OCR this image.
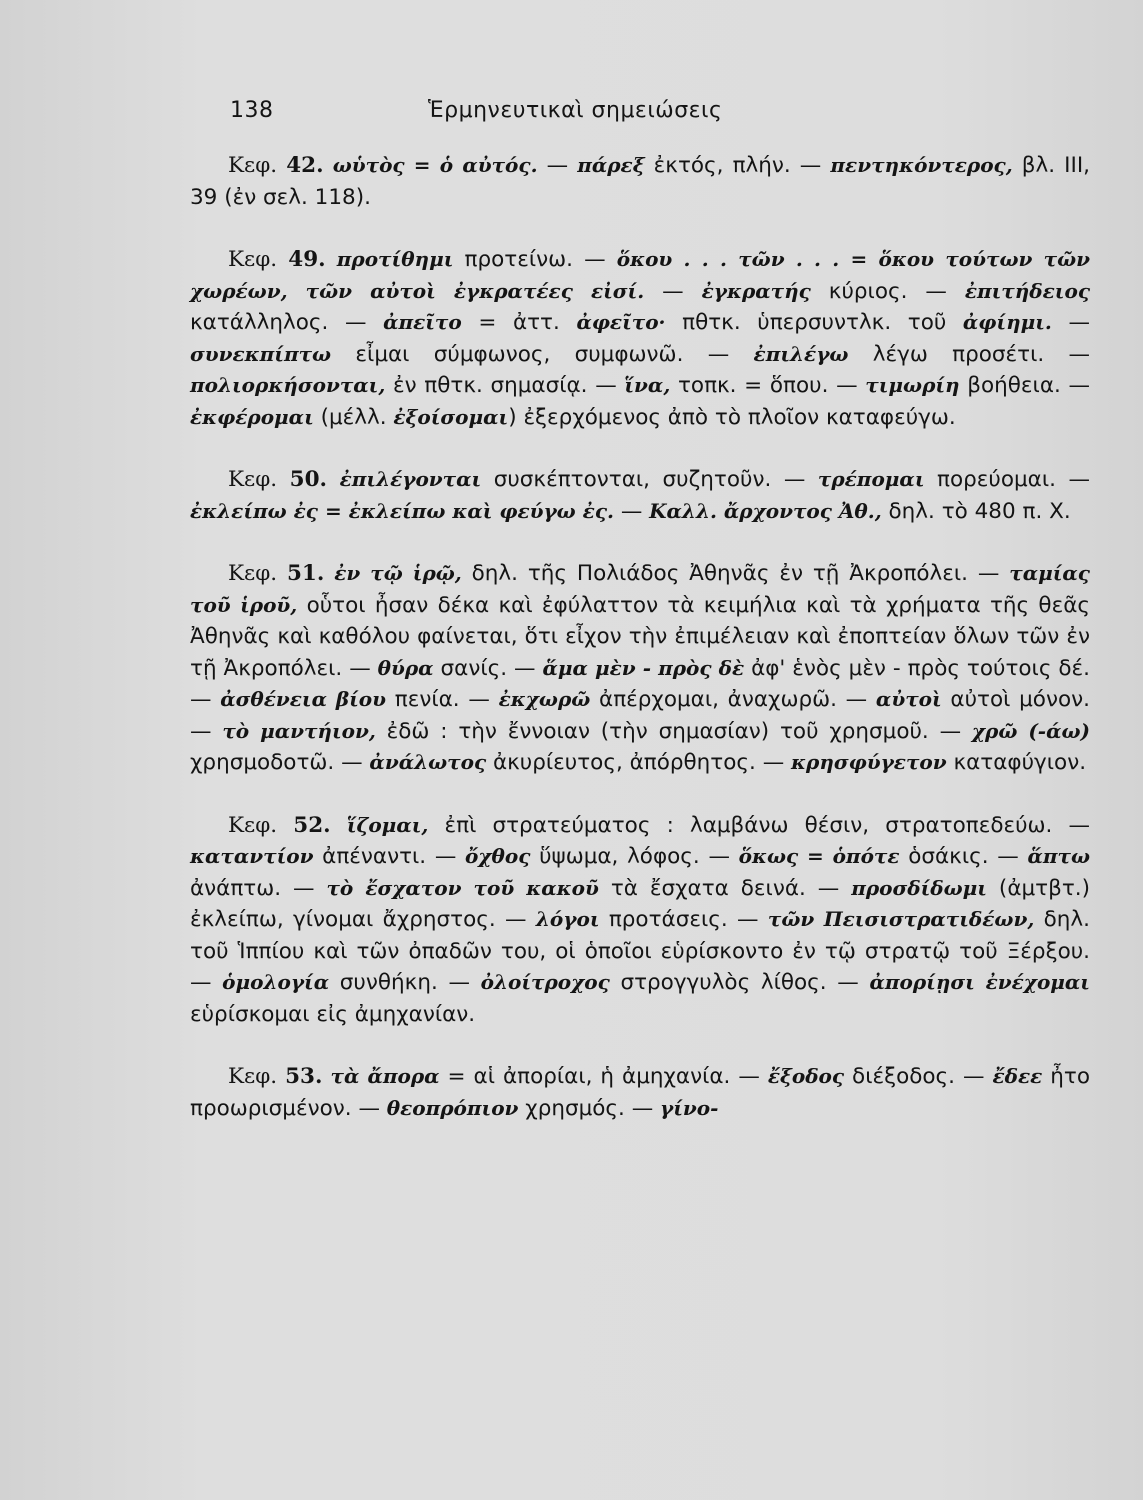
138	Ἑρμηνευτικαὶ σημειώσεις

Κεφ. 42. ωὑτὸς = ὁ αὐτός. — πάρεξ ἐκτός, πλήν. — πεντηκόντερος, βλ. III, 39 (ἐν σελ. 118).

Κεφ. 49. προτίθημι προτείνω. — ὅκου . . . τῶν . . . = ὅκου τούτων τῶν χωρέων, τῶν αὐτοὶ ἐγκρατέες εἰσί. — ἐγκρατής κύριος. — ἐπιτήδειος κατάλληλος. — ἀπεῖτο = ἀττ. ἀφεῖτο· πθτκ. ὑπερσυντλκ. τοῦ ἀφίημι. — συνεκπίπτω εἶμαι σύμφωνος, συμφωνῶ. — ἐπιλέγω λέγω προσέτι. — πολιορκήσονται, ἐν πθτκ. σημασίᾳ. — ἵνα, τοπκ. = ὅπου. — τιμωρίη βοήθεια. — ἐκφέρομαι (μέλλ. ἐξοίσομαι) ἐξερχόμενος ἀπὸ τὸ πλοῖον καταφεύγω.

Κεφ. 50. ἐπιλέγονται συσκέπτονται, συζητοῦν. — τρέπομαι πορεύομαι. — ἐκλείπω ἐς = ἐκλείπω καὶ φεύγω ἐς. — Καλλ. ἄρχοντος Ἀθ., δηλ. τὸ 480 π. Χ.

Κεφ. 51. ἐν τῷ ἱρῷ, δηλ. τῆς Πολιάδος Ἀθηνᾶς ἐν τῇ Ἀκροπόλει. — ταμίας τοῦ ἱροῦ, οὗτοι ἦσαν δέκα καὶ ἐφύλαττον τὰ κειμήλια καὶ τὰ χρήματα τῆς θεᾶς Ἀθηνᾶς καὶ καθόλου φαίνεται, ὅτι εἶχον τὴν ἐπιμέλειαν καὶ ἐποπτείαν ὅλων τῶν ἐν τῇ Ἀκροπόλει. — θύρα σανίς. — ἅμα μὲν - πρὸς δὲ ἀφ' ἑνὸς μὲν - πρὸς τούτοις δέ. — ἀσθένεια βίου πενία. — ἐκχωρῶ ἀπέρχομαι, ἀναχωρῶ. — αὐτοὶ αὐτοὶ μόνον. — τὸ μαντήιον, ἐδῶ : τὴν ἔννοιαν (τὴν σημασίαν) τοῦ χρησμοῦ. — χρῶ (-άω) χρησμοδοτῶ. — ἀνάλωτος ἀκυρίευτος, ἀπόρθητος. — κρησφύγετον καταφύγιον.

Κεφ. 52. ἵζομαι, ἐπὶ στρατεύματος : λαμβάνω θέσιν, στρατοπεδεύω. — καταντίον ἀπέναντι. — ὄχθος ὕψωμα, λόφος. — ὅκως = ὁπότε ὁσάκις. — ἅπτω ἀνάπτω. — τὸ ἔσχατον τοῦ κακοῦ τὰ ἔσχατα δεινά. — προσδίδωμι (ἀμτβτ.) ἐκλείπω, γίνομαι ἄχρηστος. — λόγοι προτάσεις. — τῶν Πεισιστρατιδέων, δηλ. τοῦ Ἱππίου καὶ τῶν ὀπαδῶν του, οἱ ὁποῖοι εὑρίσκοντο ἐν τῷ στρατῷ τοῦ Ξέρξου. — ὁμολογία συνθήκη. — ὀλοίτροχος στρογγυλὸς λίθος. — ἀπορίῃσι ἐνέχομαι εὑρίσκομαι εἰς ἀμηχανίαν.

Κεφ. 53. τὰ ἄπορα = αἱ ἀπορίαι, ἡ ἀμηχανία. — ἔξοδος διέξοδος. — ἔδεε ἦτο προωρισμένον. — θεοπρόπιον χρησμός. — γίνο-
